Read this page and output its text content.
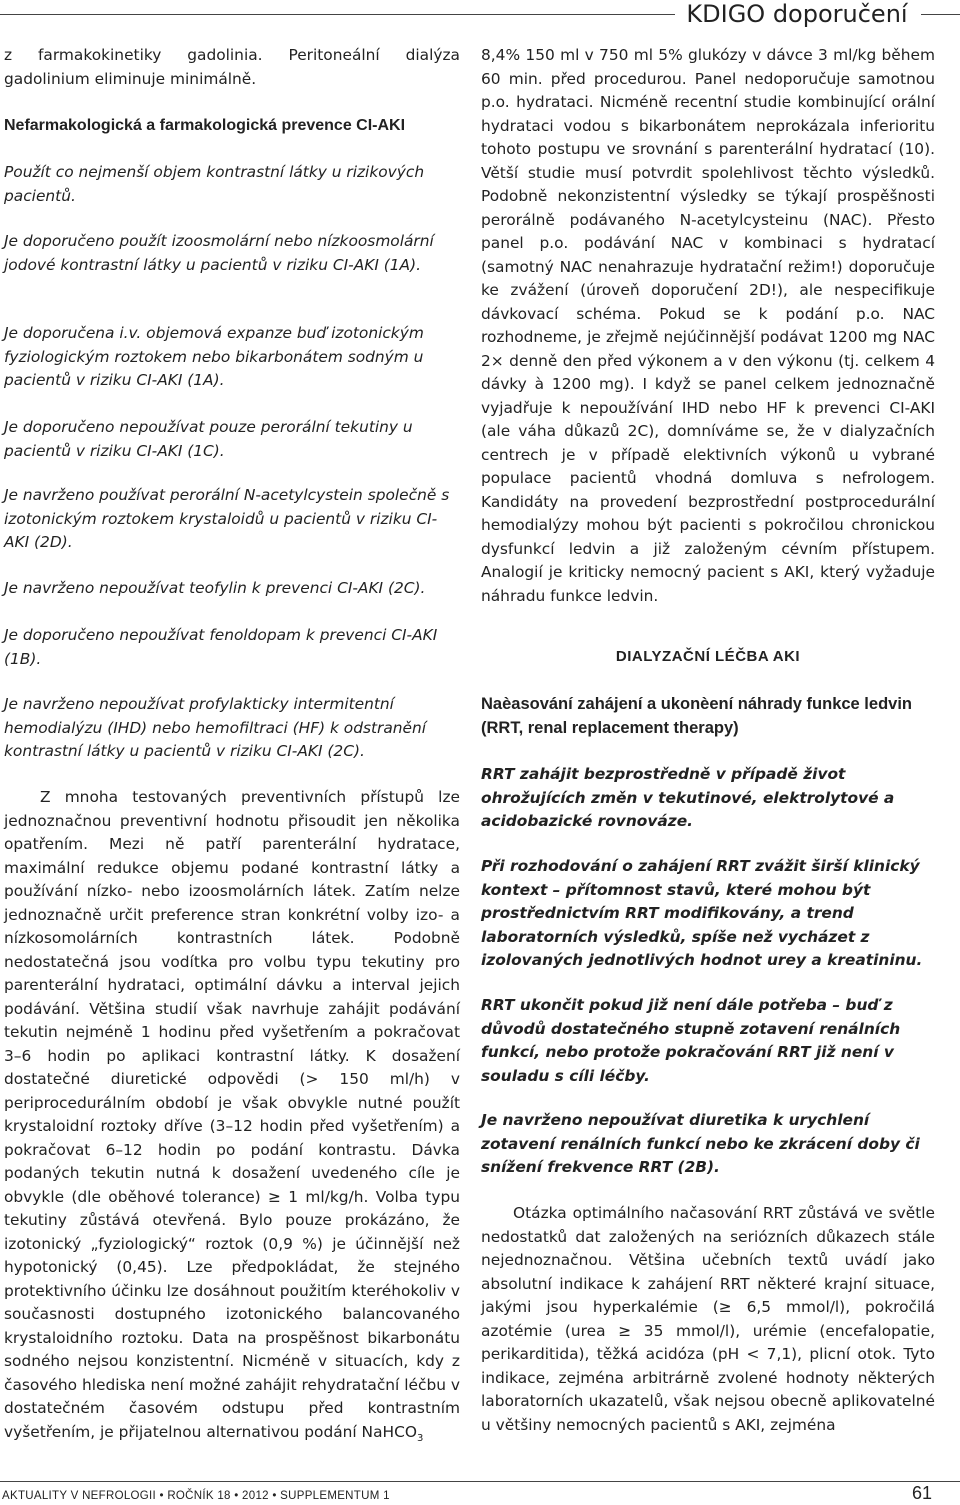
KDIGO doporučení

z farmakokinetiky gadolinia. Peritoneální dialýza gadolinium eliminuje minimálně.

Nefarmakologická a farmakologická prevence CI-AKI

Použít co nejmenší objem kontrastní látky u rizikových pacientů.

Je doporučeno použít izoosmolární nebo nízkoosmolární jodové kontrastní látky u pacientů v riziku CI-AKI (1A).

Je doporučena i.v. objemová expanze buď izotonickým fyziologickým roztokem nebo bikarbonátem sodným u pacientů v riziku CI-AKI (1A).

Je doporučeno nepoužívat pouze perorální tekutiny u pacientů v riziku CI-AKI (1C).

Je navrženo používat perorální N-acetylcystein společně s izotonickým roztokem krystaloidů u pacientů v riziku CI-AKI (2D).

Je navrženo nepoužívat teofylin k prevenci CI-AKI (2C).

Je doporučeno nepoužívat fenoldopam k prevenci CI-AKI (1B).

Je navrženo nepoužívat profylakticky intermitentní hemodialýzu (IHD) nebo hemofiltraci (HF) k odstranění kontrastní látky u pacientů v riziku CI-AKI (2C).

Z mnoha testovaných preventivních přístupů lze jednoznačnou preventivní hodnotu přisoudit jen několika opatřením. Mezi ně patří parenterální hydratace, maximální redukce objemu podané kontrastní látky a používání nízko- nebo izoosmolárních látek. Zatím nelze jednoznačně určit preference stran konkrétní volby izo- a nízkosomolárních kontrastních látek. Podobně nedostatečná jsou vodítka pro volbu typu tekutiny pro parenterální hydrataci, optimální dávku a interval jejich podávání. Většina studií však navrhuje zahájit podávání tekutin nejméně 1 hodinu před vyšetřením a pokračovat 3–6 hodin po aplikaci kontrastní látky. K dosažení dostatečné diuretické odpovědi (> 150 ml/h) v periprocedurálním období je však obvykle nutné použít krystaloidní roztoky dříve (3–12 hodin před vyšetřením) a pokračovat 6–12 hodin po podání kontrastu. Dávka podaných tekutin nutná k dosažení uvedeného cíle je obvykle (dle oběhové tolerance) ≥ 1 ml/kg/h. Volba typu tekutiny zůstává otevřená. Bylo pouze prokázáno, že izotonický „fyziologický“ roztok (0,9 %) je účinnější než hypotonický (0,45). Lze předpokládat, že stejného protektivního účinku lze dosáhnout použitím kteréhokoliv v současnosti dostupného izotonického balancovaného krystaloidního roztoku. Data na prospěšnost bikarbonátu sodného nejsou konzistentní. Nicméně v situacích, kdy z časového hlediska není možné zahájit rehydratační léčbu v dostatečném časovém odstupu před kontrastním vyšetřením, je přijatelnou alternativou podání NaHCO$_3$

8,4% 150 ml v 750 ml 5% glukózy v dávce 3 ml/kg během 60 min. před procedurou. Panel nedoporučuje samotnou p.o. hydrataci. Nicméně recentní studie kombinující orální hydrataci vodou s bikarbonátem neprokázala inferioritu tohoto postupu ve srovnání s parenterální hydratací (10). Větší studie musí potvrdit spolehlivost těchto výsledků. Podobně nekonzistentní výsledky se týkají prospěšnosti perorálně podávaného N-acetylcysteinu (NAC). Přesto panel p.o. podávání NAC v kombinaci s hydratací (samotný NAC nenahrazuje hydratační režim!) doporučuje ke zvážení (úroveň doporučení 2D!), ale nespecifikuje dávkovací schéma. Pokud se k podání p.o. NAC rozhodneme, je zřejmě nejúčinnější podávat 1200 mg NAC 2× denně den před výkonem a v den výkonu (tj. celkem 4 dávky à 1200 mg). I když se panel celkem jednoznačně vyjadřuje k nepoužívání IHD nebo HF k prevenci CI-AKI (ale váha důkazů 2C), domníváme se, že v dialyzačních centrech je v případě elektivních výkonů u vybrané populace pacientů vhodná domluva s nefrologem. Kandidáty na provedení bezprostřední postprocedurální hemodialýzy mohou být pacienti s pokročilou chronickou dysfunkcí ledvin a již založeným cévním přístupem. Analogií je kriticky nemocný pacient s AKI, který vyžaduje náhradu funkce ledvin.

DIALYZAČNÍ LÉČBA AKI

Naèasování zahájení a ukonèení náhrady funkce ledvin (RRT, renal replacement therapy)

RRT zahájit bezprostředně v případě život ohrožujících změn v tekutinové, elektrolytové a acidobazické rovnováze.

Při rozhodování o zahájení RRT zvážit širší klinický kontext – přítomnost stavů, které mohou být prostřednictvím RRT modifikovány, a trend laboratorních výsledků, spíše než vycházet z izolovaných jednotlivých hodnot urey a kreatininu.

RRT ukončit pokud již není dále potřeba – buď z důvodů dostatečného stupně zotavení renálních funkcí, nebo protože pokračování RRT již není v souladu s cíli léčby.

Je navrženo nepoužívat diuretika k urychlení zotavení renálních funkcí nebo ke zkrácení doby či snížení frekvence RRT (2B).

Otázka optimálního načasování RRT zůstává ve světle nedostatků dat založených na seriózních důkazech stále nejednoznačnou. Většina učebních textů uvádí jako absolutní indikace k zahájení RRT některé krajní situace, jakými jsou hyperkalémie (≥ 6,5 mmol/l), pokročilá azotémie (urea ≥ 35 mmol/l), urémie (encefalopatie, perikarditida), těžká acidóza (pH < 7,1), plicní otok. Tyto indikace, zejména arbitrárně zvolené hodnoty některých laboratorních ukazatelů, však nejsou obecně aplikovatelné u většiny nemocných pacientů s AKI, zejména

AKTUALITY V NEFROLOGII • ROČNÍK 18 • 2012 • SUPPLEMENTUM 1	61
